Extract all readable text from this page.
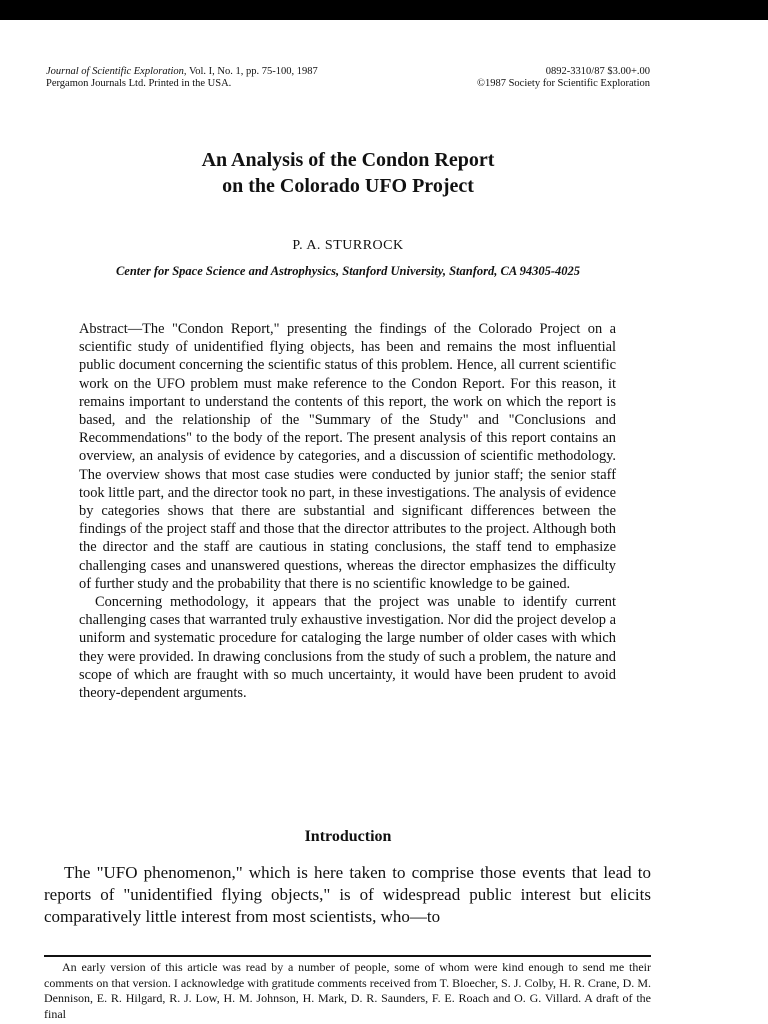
Journal of Scientific Exploration, Vol. I, No. 1, pp. 75-100, 1987
Pergamon Journals Ltd. Printed in the USA.
0892-3310/87 $3.00+.00
©1987 Society for Scientific Exploration
An Analysis of the Condon Report
on the Colorado UFO Project
P. A. STURROCK
Center for Space Science and Astrophysics, Stanford University, Stanford, CA 94305-4025

Abstract—The "Condon Report," presenting the findings of the Colorado Project on a scientific study of unidentified flying objects, has been and remains the most influential public document concerning the scientific status of this problem. Hence, all current scientific work on the UFO problem must make reference to the Condon Report. For this reason, it remains important to understand the contents of this report, the work on which the report is based, and the relationship of the "Summary of the Study" and "Conclusions and Recommendations" to the body of the report. The present analysis of this report contains an overview, an analysis of evidence by categories, and a discussion of scientific methodology. The overview shows that most case studies were conducted by junior staff; the senior staff took little part, and the director took no part, in these investigations. The analysis of evidence by categories shows that there are substantial and significant differences between the findings of the project staff and those that the director attributes to the project. Although both the director and the staff are cautious in stating conclusions, the staff tend to emphasize challenging cases and unanswered questions, whereas the director emphasizes the difficulty of further study and the probability that there is no scientific knowledge to be gained.

Concerning methodology, it appears that the project was unable to identify current challenging cases that warranted truly exhaustive investigation. Nor did the project develop a uniform and systematic procedure for cataloging the large number of older cases with which they were provided. In drawing conclusions from the study of such a problem, the nature and scope of which are fraught with so much uncertainty, it would have been prudent to avoid theory-dependent arguments.

Introduction

The "UFO phenomenon," which is here taken to comprise those events that lead to reports of "unidentified flying objects," is of widespread public interest but elicits comparatively little interest from most scientists, who—to

An early version of this article was read by a number of people, some of whom were kind enough to send me their comments on that version. I acknowledge with gratitude comments received from T. Bloecher, S. J. Colby, H. R. Crane, D. M. Dennison, E. R. Hilgard, R. J. Low, H. M. Johnson, H. Mark, D. R. Saunders, F. E. Roach and O. G. Villard. A draft of the final
